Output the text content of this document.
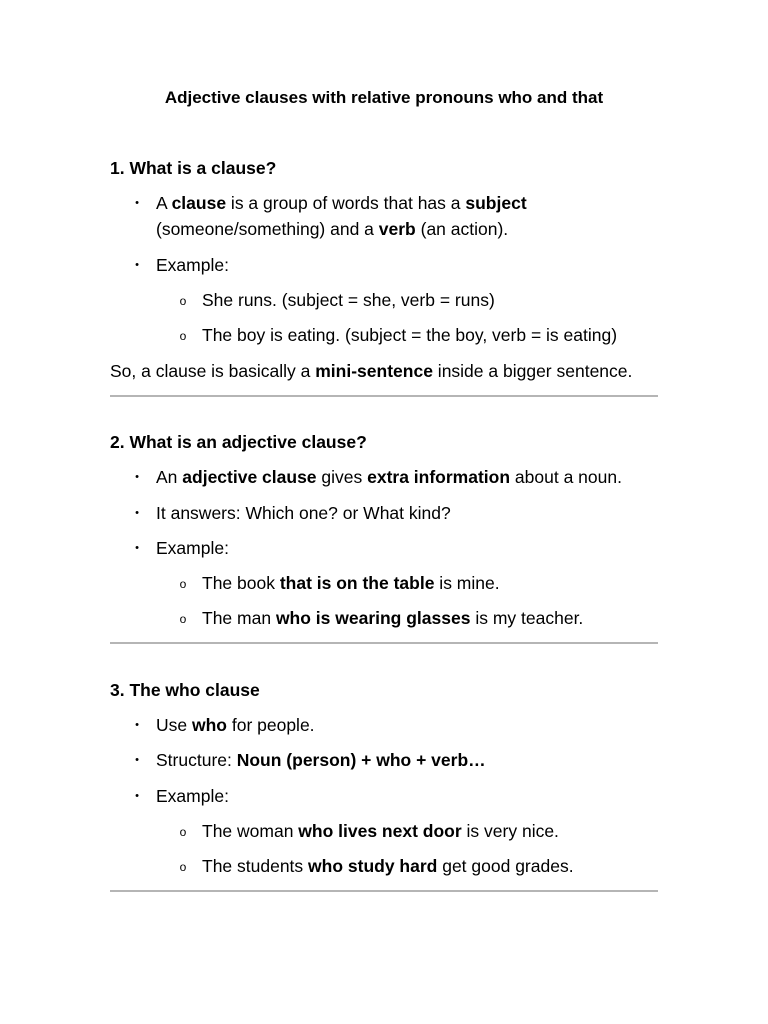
Adjective clauses with relative pronouns who and that
1. What is a clause?
• A clause is a group of words that has a subject
(someone/something) and a verb (an action).
• Example:
o She runs. (subject = she, verb = runs)
o The boy is eating. (subject = the boy, verb = is eating)
So, a clause is basically a mini-sentence inside a bigger sentence.
2. What is an adjective clause?
• An adjective clause gives extra information about a noun.
• It answers: Which one? or What kind?
• Example:
o The book that is on the table is mine.
o The man who is wearing glasses is my teacher.
3. The who clause
• Use who for people.
• Structure: Noun (person) + who + verb…
• Example:
o The woman who lives next door is very nice.
o The students who study hard get good grades.
